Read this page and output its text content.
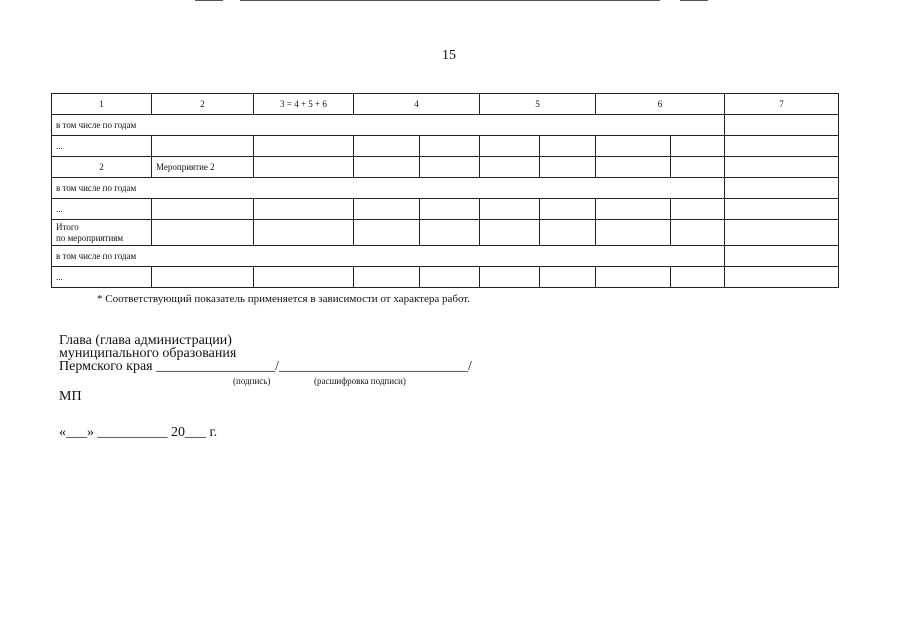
15
1	2	3 = 4 + 5 + 6	4		5		6		7
в том числе по годам									
...									
2	Мероприятие 2								
в том числе по годам									
...									

Итого
по мероприятиям									

в том числе по годам									
...									
* Соответствующий показатель применяется в зависимости от характера работ.
Глава (глава администрации)
муниципального образования
Пермского края _________________/___________________________/
(подпись)	(расшифровка подписи)
МП
«___» __________ 20___ г.
